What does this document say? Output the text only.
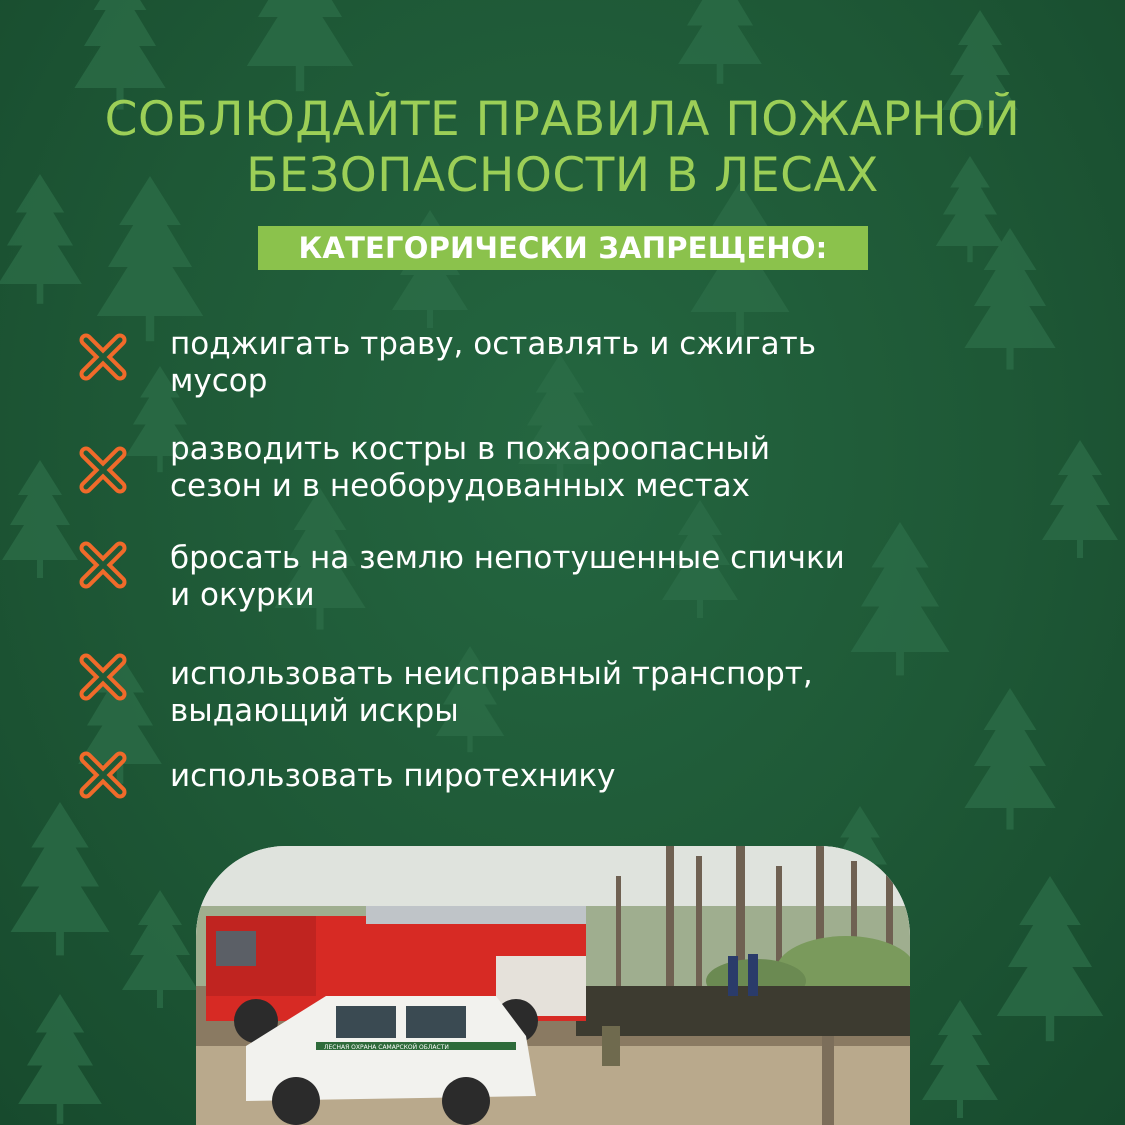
СОБЛЮДАЙТЕ ПРАВИЛА ПОЖАРНОЙ
БЕЗОПАСНОСТИ В ЛЕСАХ
КАТЕГОРИЧЕСКИ ЗАПРЕЩЕНО:
поджигать траву, оставлять и сжигать
мусор
разводить костры в пожароопасный
сезон и в необорудованных местах
бросать на землю непотушенные спички
и окурки
использовать неисправный транспорт,
выдающий искры
использовать пиротехнику
ЛЕСНАЯ ОХРАНА САМАРСКОЙ ОБЛАСТИ
